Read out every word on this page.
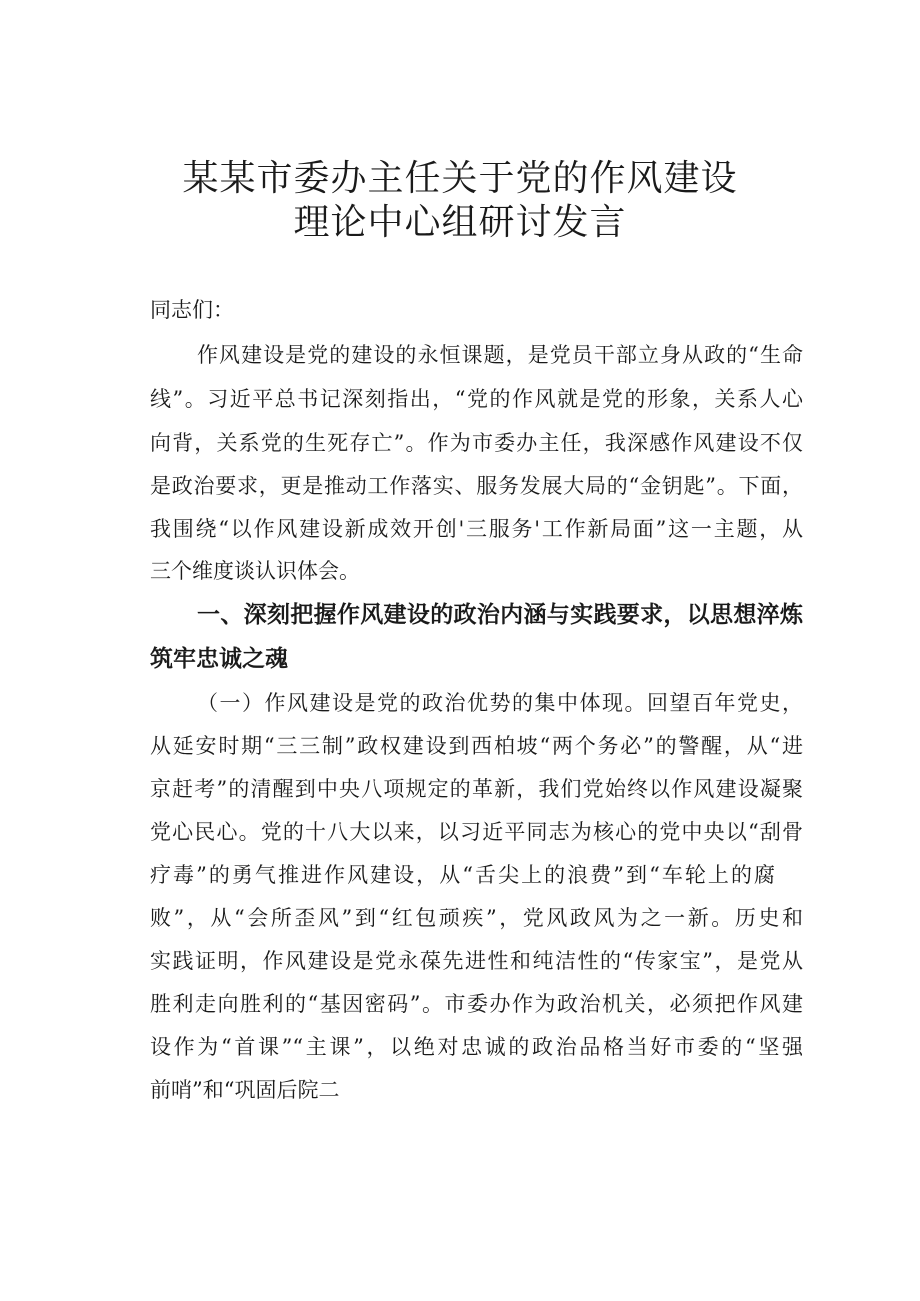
某某市委办主任关于党的作风建设
理论中心组研讨发言
同志们：
作风建设是党的建设的永恒课题，是党员干部立身从政的“生命
线”。习近平总书记深刻指出，“党的作风就是党的形象，关系人心
向背，关系党的生死存亡”。作为市委办主任，我深感作风建设不仅
是政治要求，更是推动工作落实、服务发展大局的“金钥匙”。下面，
我围绕“以作风建设新成效开创'三服务'工作新局面”这一主题，从
三个维度谈认识体会。
一、深刻把握作风建设的政治内涵与实践要求，以思想淬炼
筑牢忠诚之魂
（一）作风建设是党的政治优势的集中体现。回望百年党史，
从延安时期“三三制”政权建设到西柏坡“两个务必”的警醒，从“进
京赶考”的清醒到中央八项规定的革新，我们党始终以作风建设凝聚
党心民心。党的十八大以来，以习近平同志为核心的党中央以“刮骨
疗毒”的勇气推进作风建设，从“舌尖上的浪费”到“车轮上的腐
败”，从“会所歪风”到“红包顽疾”，党风政风为之一新。历史和
实践证明，作风建设是党永葆先进性和纯洁性的“传家宝”，是党从
胜利走向胜利的“基因密码”。市委办作为政治机关，必须把作风建
设作为“首课”“主课”，以绝对忠诚的政治品格当好市委的“坚强
前哨”和“巩固后院二
